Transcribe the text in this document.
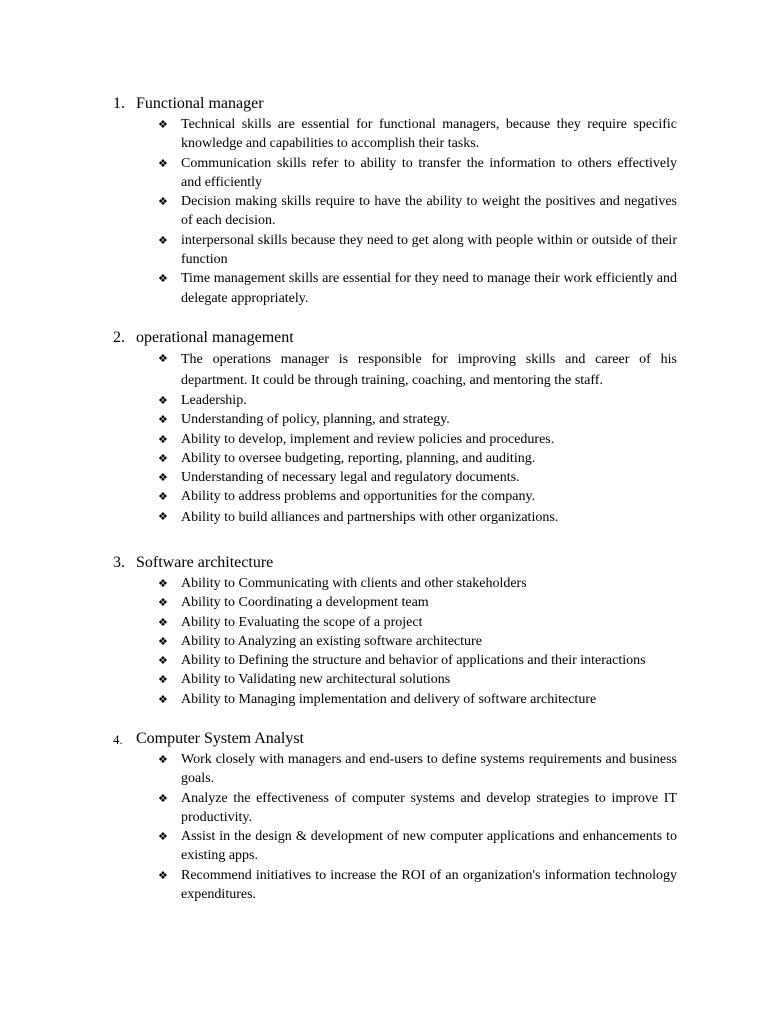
1. Functional manager
❖ Technical skills are essential for functional managers, because they require specific knowledge and capabilities to accomplish their tasks.
❖ Communication skills refer to ability to transfer the information to others effectively and efficiently
❖ Decision making skills require to have the ability to weight the positives and negatives of each decision.
❖ interpersonal skills because they need to get along with people within or outside of their function
❖ Time management skills are essential for they need to manage their work efficiently and delegate appropriately.
2. operational management
❖ The operations manager is responsible for improving skills and career of his department. It could be through training, coaching, and mentoring the staff.
❖ Leadership.
❖ Understanding of policy, planning, and strategy.
❖ Ability to develop, implement and review policies and procedures.
❖ Ability to oversee budgeting, reporting, planning, and auditing.
❖ Understanding of necessary legal and regulatory documents.
❖ Ability to address problems and opportunities for the company.
❖ Ability to build alliances and partnerships with other organizations.
3. Software architecture
❖ Ability to Communicating with clients and other stakeholders
❖ Ability to Coordinating a development team
❖ Ability to Evaluating the scope of a project
❖ Ability to Analyzing an existing software architecture
❖ Ability to Defining the structure and behavior of applications and their interactions
❖ Ability to Validating new architectural solutions
❖ Ability to Managing implementation and delivery of software architecture
4. Computer System Analyst
❖ Work closely with managers and end-users to define systems requirements and business goals.
❖ Analyze the effectiveness of computer systems and develop strategies to improve IT productivity.
❖ Assist in the design & development of new computer applications and enhancements to existing apps.
❖ Recommend initiatives to increase the ROI of an organization's information technology expenditures.
